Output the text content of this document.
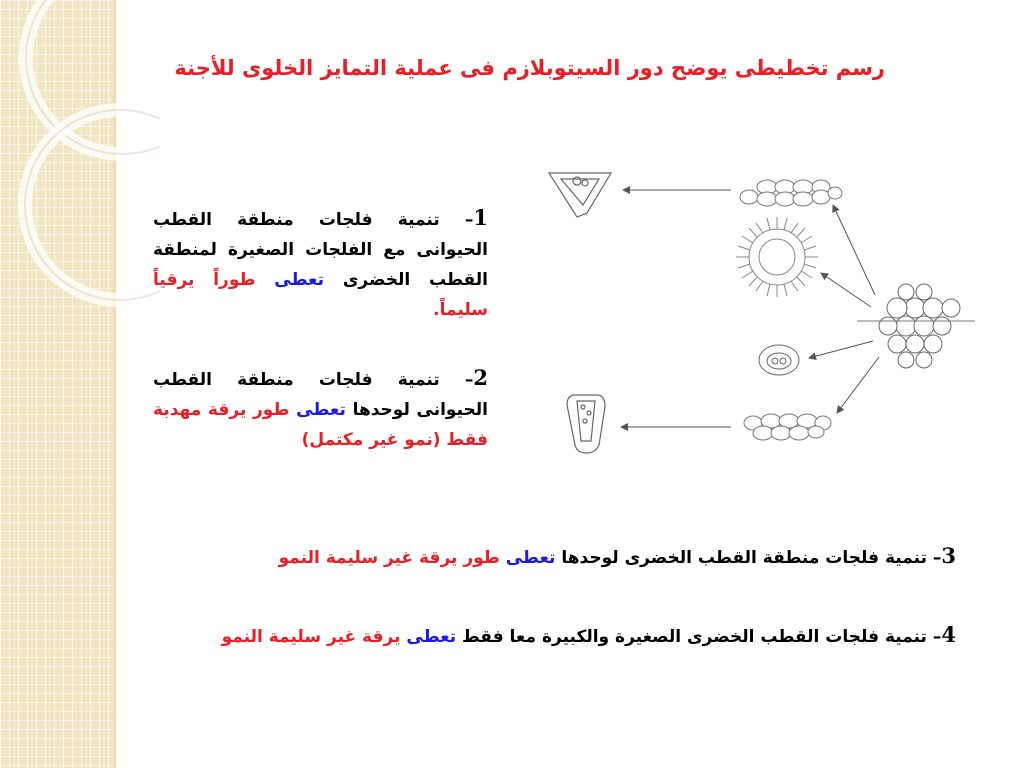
رسم تخطيطى يوضح دور السيتوبلازم فى عملية التمايز الخلوى للأجنة
1– تنمية فلجات منطقة القطب الحيوانى مع الفلجات الصغيرة لمنطقة القطب الخضرى تعطى طوراً يرقياً سليماً.
2– تنمية فلجات منطقة القطب الحيوانى لوحدها تعطى طور يرقة مهدبة فقط (نمو غير مكتمل)
3– تنمية فلجات منطقة القطب الخضرى لوحدها تعطى طور يرقة غير سليمة النمو
4– تنمية فلجات القطب الخضرى الصغيرة والكبيرة معا فقط تعطى يرقة غير سليمة النمو
